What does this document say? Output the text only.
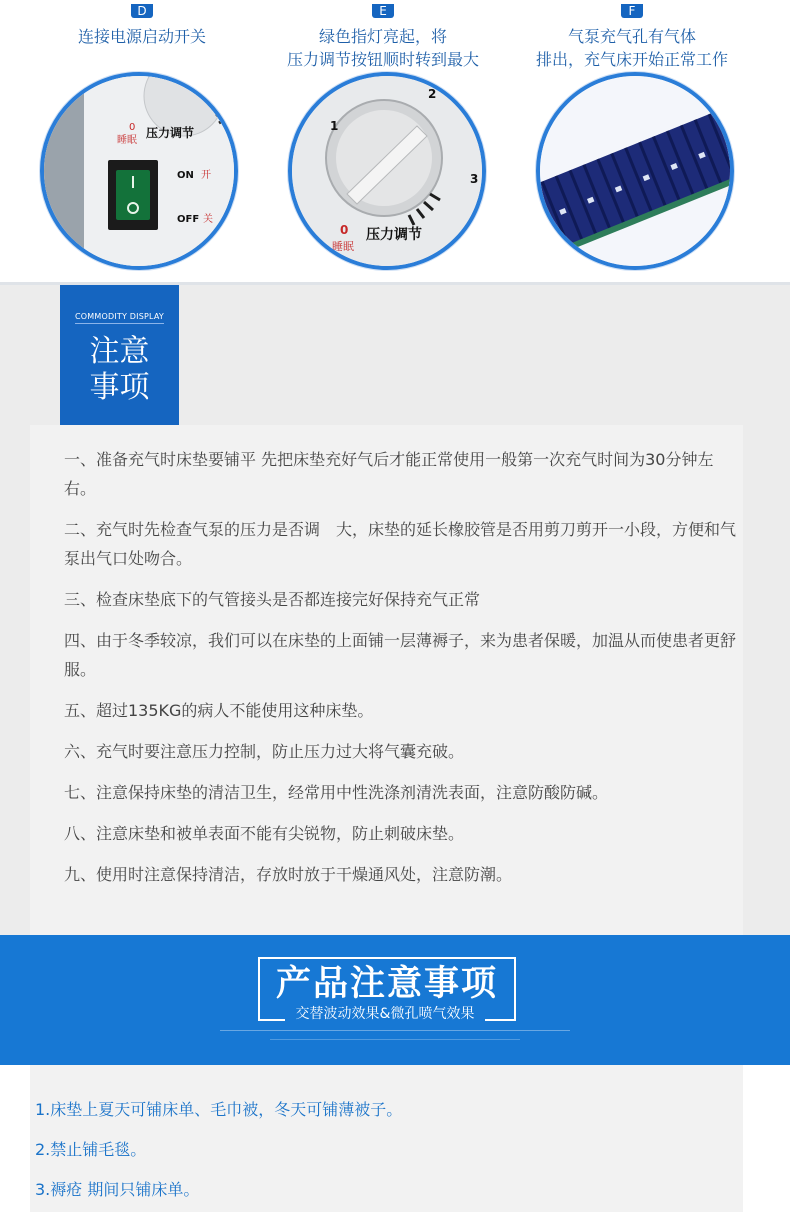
D
连接电源启动开关
E
绿色指灯亮起，将
压力调节按钮顺时转到最大
F
气泵充气孔有气体
排出，充气床开始正常工作
0
睡眠
压力调节
ON 开
OFF 关
1
2
3
0
睡眠
压力调节
COMMODITY DISPLAY
注意
事项

一、准备充气时床垫要铺平 先把床垫充好气后才能正常使用一般第一次充气时间为30分钟左右。

二、充气时先检查气泵的压力是否调　大，床垫的延长橡胶管是否用剪刀剪开一小段，方便和气泵出气口处吻合。

三、检查床垫底下的气管接头是否都连接完好保持充气正常

四、由于冬季较凉，我们可以在床垫的上面铺一层薄褥子，来为患者保暖，加温从而使患者更舒服。

五、超过135KG的病人不能使用这种床垫。

六、充气时要注意压力控制，防止压力过大将气囊充破。

七、注意保持床垫的清洁卫生，经常用中性洗涤剂清洗表面，注意防酸防碱。

八、注意床垫和被单表面不能有尖锐物，防止刺破床垫。

九、使用时注意保持清洁，存放时放于干燥通风处，注意防潮。

产品注意事项
交替波动效果&微孔喷气效果
1.床垫上夏天可铺床单、毛巾被，冬天可铺薄被子。
2.禁止铺毛毯。
3.褥疮 期间只铺床单。
